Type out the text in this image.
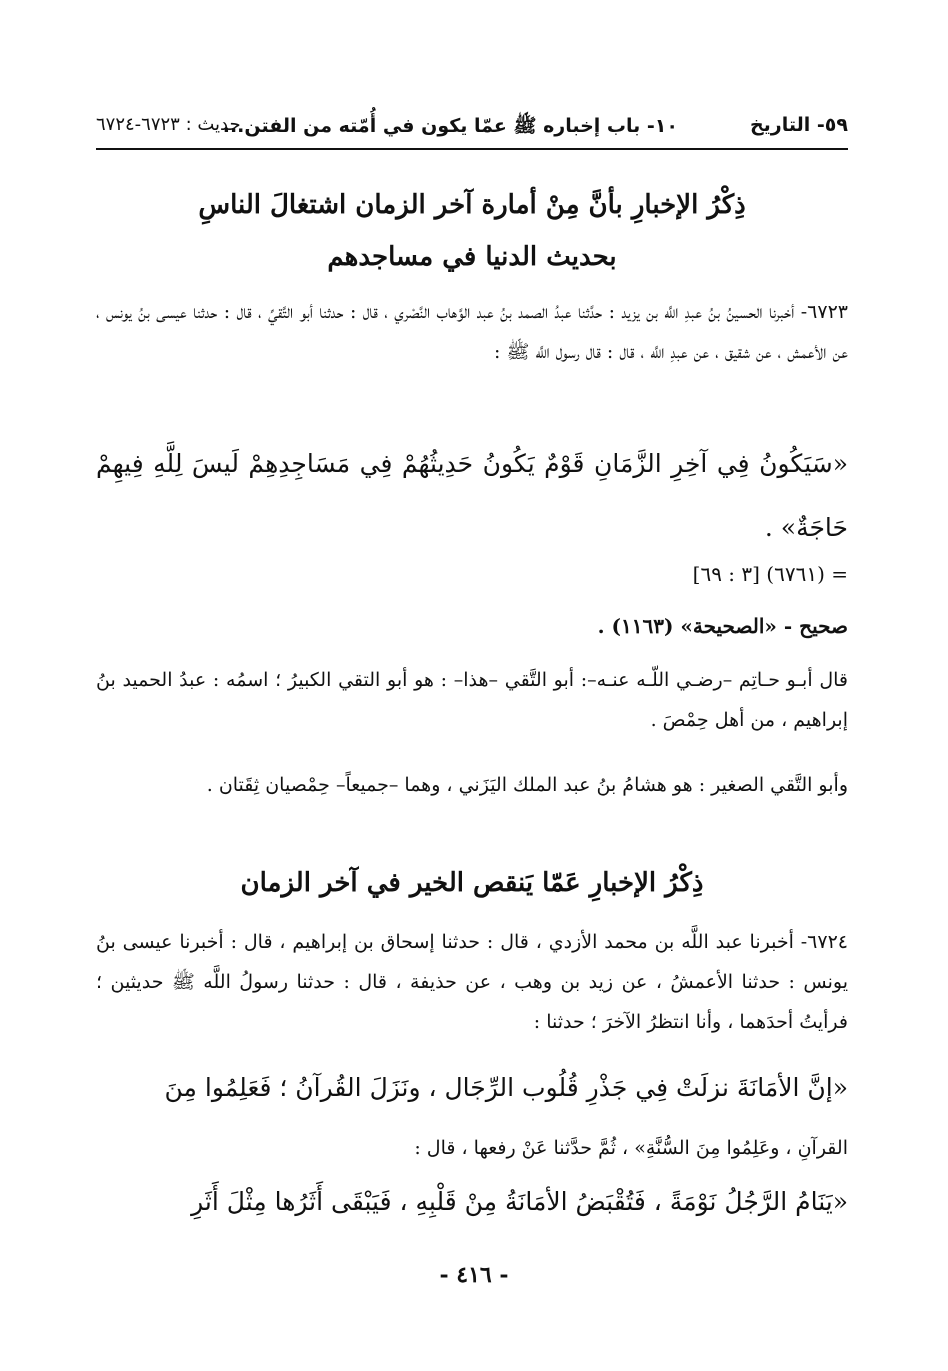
٥٩- التاريخ
١٠- باب إخباره ﷺ عمّا يكون في أُمّته من الفتن...
حديث : ٦٧٢٣-٦٧٢٤
ذِكْرُ الإخبارِ بأنَّ مِنْ أمارة آخر الزمان اشتغالَ الناسِ
بحديث الدنيا في مساجدهم
٦٧٢٣- أخبرنا الحسينُ بنُ عبدِ اللَّه بن يزيد : حدَّثنا عبدُ الصمد بنُ عبد الوَّهاب النَّصْري ، قال : حدثنا أبو التَّقيِّ ، قال : حدثنا عيسى بنُ يونس ، عن الأعمش ، عن شقيق ، عن عبدِ اللَّه ، قال : قال رسول اللَّه ﷺ :
«سَيَكُونُ فِي آخِرِ الزَّمَانِ قَوْمٌ يَكُونُ حَدِيثُهُمْ فِي مَسَاجِدِهِمْ لَيسَ لِلَّهِ فِيهِمْ حَاجَةٌ» .
= (٦٧٦١) [٣ : ٦٩]
صحيح - «الصحيحة» (١١٦٣) .
قال أبـو حـاتِم –رضـي اللّـه عنـه–: أبو التَّقي –هذا– : هو أبو التقي الكبيرُ ؛ اسمُه : عبدُ الحميد بنُ إبراهيم ، من أهل حِمْصَ .
وأبو التَّقي الصغير : هو هشامُ بنُ عبد الملك اليَزَني ، وهما –جميعاً– حِمْصيان ثِقَتان .
ذِكْرُ الإخبارِ عَمّا يَنقص الخير في آخر الزمان
٦٧٢٤- أخبرنا عبد اللَّه بن محمد الأزدي ، قال : حدثنا إسحاق بن إبراهيم ، قال : أخبرنا عيسى بنُ يونس : حدثنا الأعمشُ ، عن زيد بن وهب ، عن حذيفة ، قال : حدثنا رسولُ اللَّه ﷺ حديثين ؛ فرأيتُ أحدَهما ، وأنا انتظرُ الآخرَ ؛ حدثنا :
«إنَّ الأمَانَةَ نزلَتْ فِي جَذْرِ قُلُوب الرِّجَال ، ونَزَلَ القُرآنُ ؛ فَعَلِمُوا مِنَ
القرآنِ ، وعَلِمُوا مِنَ السُّنَّةِ» ، ثُمَّ حدَّثنا عَنْ رفعها ، قال :
«يَنَامُ الرَّجُلُ نَوْمَةً ، فَتُقْبَضُ الأمَانَةُ مِنْ قَلْبِهِ ، فَيَبْقَى أَثَرُها مِثْلَ أَثَرِ
- ٤١٦ -
